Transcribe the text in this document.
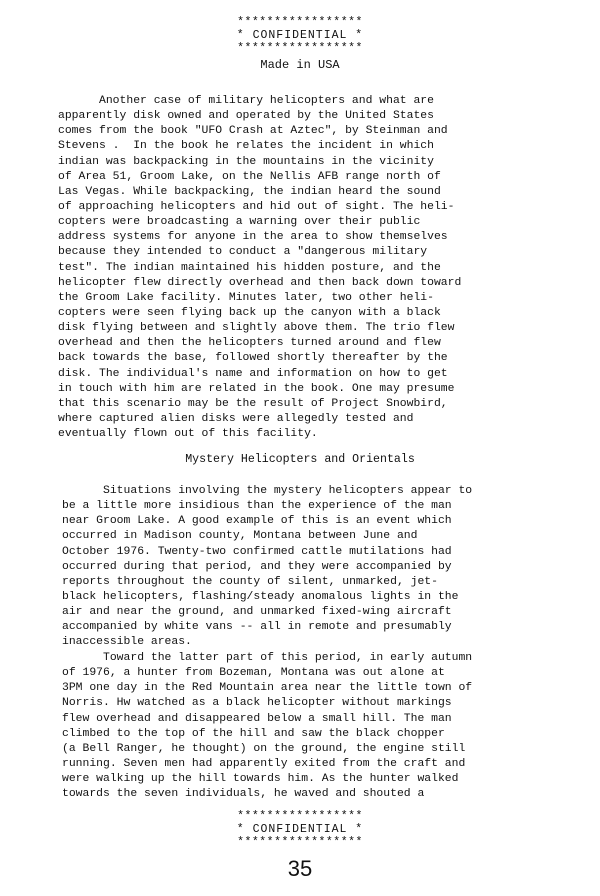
*****************
* CONFIDENTIAL *
*****************
Made in USA
Another case of military helicopters and what are
apparently disk owned and operated by the United States
comes from the book "UFO Crash at Aztec", by Steinman and
Stevens .  In the book he relates the incident in which
indian was backpacking in the mountains in the vicinity
of Area 51, Groom Lake, on the Nellis AFB range north of
Las Vegas. While backpacking, the indian heard the sound
of approaching helicopters and hid out of sight. The heli-
copters were broadcasting a warning over their public
address systems for anyone in the area to show themselves
because they intended to conduct a "dangerous military
test". The indian maintained his hidden posture, and the
helicopter flew directly overhead and then back down toward
the Groom Lake facility. Minutes later, two other heli-
copters were seen flying back up the canyon with a black
disk flying between and slightly above them. The trio flew
overhead and then the helicopters turned around and flew
back towards the base, followed shortly thereafter by the
disk. The individual's name and information on how to get
in touch with him are related in the book. One may presume
that this scenario may be the result of Project Snowbird,
where captured alien disks were allegedly tested and
eventually flown out of this facility.
Mystery Helicopters and Orientals
Situations involving the mystery helicopters appear to
be a little more insidious than the experience of the man
near Groom Lake. A good example of this is an event which
occurred in Madison county, Montana between June and
October 1976. Twenty-two confirmed cattle mutilations had
occurred during that period, and they were accompanied by
reports throughout the county of silent, unmarked, jet-
black helicopters, flashing/steady anomalous lights in the
air and near the ground, and unmarked fixed-wing aircraft
accompanied by white vans -- all in remote and presumably
inaccessible areas.
Toward the latter part of this period, in early autumn
of 1976, a hunter from Bozeman, Montana was out alone at
3PM one day in the Red Mountain area near the little town of
Norris. Hw watched as a black helicopter without markings
flew overhead and disappeared below a small hill. The man
climbed to the top of the hill and saw the black chopper
(a Bell Ranger, he thought) on the ground, the engine still
running. Seven men had apparently exited from the craft and
were walking up the hill towards him. As the hunter walked
towards the seven individuals, he waved and shouted a
*****************
* CONFIDENTIAL *
*****************
35
